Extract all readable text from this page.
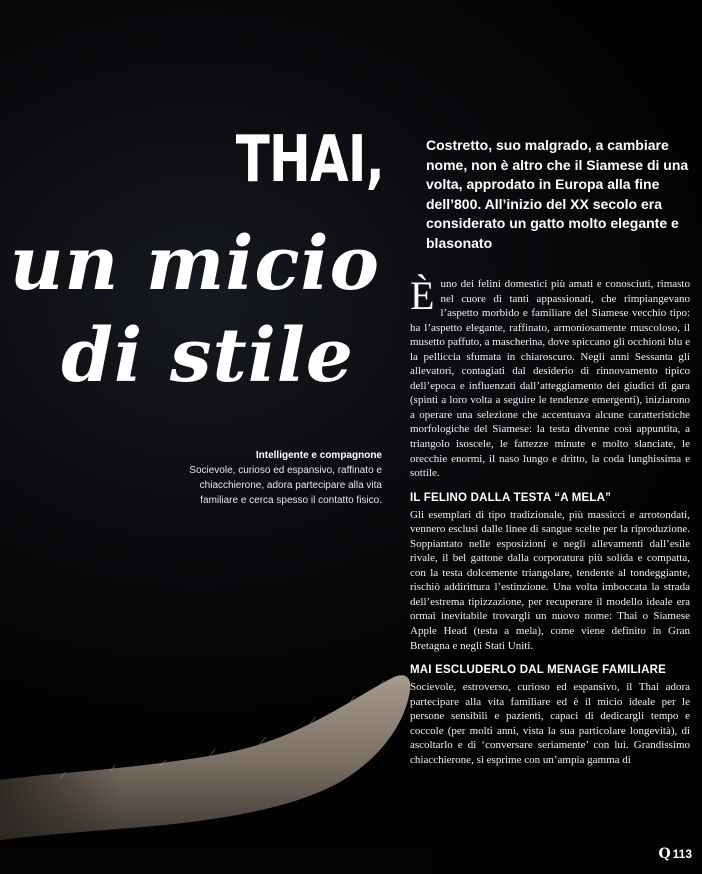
THAI,
un micio
di stile
Intelligente e compagnone
Socievole, curioso ed espansivo, raffinato e chiacchierone, adora partecipare alla vita familiare e cerca spesso il contatto fisico.

Costretto, suo malgrado, a cambiare nome, non è altro che il Siamese di una volta, approdato in Europa alla fine dell’800. All’inizio del XX secolo era considerato un gatto molto elegante e blasonato

È uno dei felini domestici più amati e conosciuti, rimasto nel cuore di tanti appassionati, che rimpiangevano l’aspetto morbido e familiare del Siamese vecchio tipo: ha l’aspetto elegante, raffinato, armoniosamente muscoloso, il musetto paffuto, a mascherina, dove spiccano gli occhioni blu e la pelliccia sfumata in chiaroscuro. Negli anni Sessanta gli allevatori, contagiati dal desiderio di rinnovamento tipico dell’epoca e influenzati dall’atteggiamento dei giudici di gara (spinti a loro volta a seguire le tendenze emergenti), iniziarono a operare una selezione che accentuava alcune caratteristiche morfologiche del Siamese: la testa divenne così appuntita, a triangolo isoscele, le fattezze minute e molto slanciate, le orecchie enormi, il naso lungo e dritto, la coda lunghissima e sottile.

IL FELINO DALLA TESTA “A MELA”

Gli esemplari di tipo tradizionale, più massicci e arrotondati, vennero esclusi dalle linee di sangue scelte per la riproduzione. Soppiantato nelle esposizioni e negli allevamenti dall’esile rivale, il bel gattone dalla corporatura più solida e compatta, con la testa dolcemente triangolare, tendente al tondeggiante, rischiò addirittura l’estinzione. Una volta imboccata la strada dell’estrema tipizzazione, per recuperare il modello ideale era ormai inevitabile trovargli un nuovo nome: Thai o Siamese Apple Head (testa a mela), come viene definito in Gran Bretagna e negli Stati Uniti.

MAI ESCLUDERLO DAL MENAGE FAMILIARE

Socievole, estroverso, curioso ed espansivo, il Thai adora partecipare alla vita familiare ed è il micio ideale per le persone sensibili e pazienti, capaci di dedicargli tempo e coccole (per molti anni, vista la sua particolare longevità), di ascoltarlo e di ‘conversare seriamente’ con lui. Grandissimo chiacchierone, si esprime con un’ampia gamma di

Q 113
